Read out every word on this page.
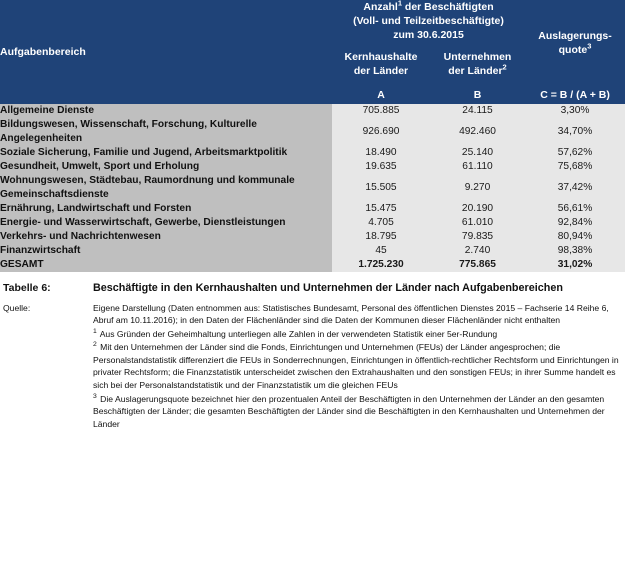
Aufgabenbereich	Anzahl$^1$ der Beschäftigten
(Voll- und Teilzeitbeschäftigte)
zum 30.6.2015		Auslagerungs-
quote$^3$
	Kernhaushalte
der Länder	Unternehmen
der Länder$^2$
	A	B	C = B / (A + B)
Allgemeine Dienste	705.885	24.115	3,30%
Bildungswesen, Wissenschaft, Forschung, Kulturelle Angelegenheiten	926.690	492.460	34,70%
Soziale Sicherung, Familie und Jugend, Arbeitsmarktpolitik	18.490	25.140	57,62%
Gesundheit, Umwelt, Sport und Erholung	19.635	61.110	75,68%
Wohnungswesen, Städtebau, Raumordnung und kommunale Gemeinschaftsdienste	15.505	9.270	37,42%
Ernährung, Landwirtschaft und Forsten	15.475	20.190	56,61%
Energie- und Wasserwirtschaft, Gewerbe, Dienstleistungen	4.705	61.010	92,84%
Verkehrs- und Nachrichtenwesen	18.795	79.835	80,94%
Finanzwirtschaft	45	2.740	98,38%
GESAMT	1.725.230	775.865	31,02%
Tabelle 6:	Beschäftigte in den Kernhaushalten und Unternehmen der Länder nach Aufgabenbereichen
Quelle:	Eigene Darstellung (Daten entnommen aus: Statistisches Bundesamt, Personal des öffentlichen Dienstes 2015 – Fachserie 14 Reihe 6, Abruf am 10.11.2016); in den Daten der Flächenländer sind die Daten der Kommunen dieser Flächenländer nicht enthalten

$^1$ Aus Gründen der Geheimhaltung unterliegen alle Zahlen in der verwendeten Statistik einer 5er-Rundung

$^2$ Mit den Unternehmen der Länder sind die Fonds, Einrichtungen und Unternehmen (FEUs) der Länder angesprochen; die Personalstandstatistik differenziert die FEUs in Sonderrechnungen, Einrichtungen in öffentlich-rechtlicher Rechtsform und Einrichtungen in privater Rechtsform; die Finanzstatistik unterscheidet zwischen den Extrahaushalten und den sonstigen FEUs; in ihrer Summe handelt es sich bei der Personalstandstatistik und der Finanzstatistik um die gleichen FEUs

$^3$ Die Auslagerungsquote bezeichnet hier den prozentualen Anteil der Beschäftigten in den Unternehmen der Länder an den gesamten Beschäftigten der Länder; die gesamten Beschäftigten der Länder sind die Beschäftigten in den Kernhaushalten und Unternehmen der Länder
